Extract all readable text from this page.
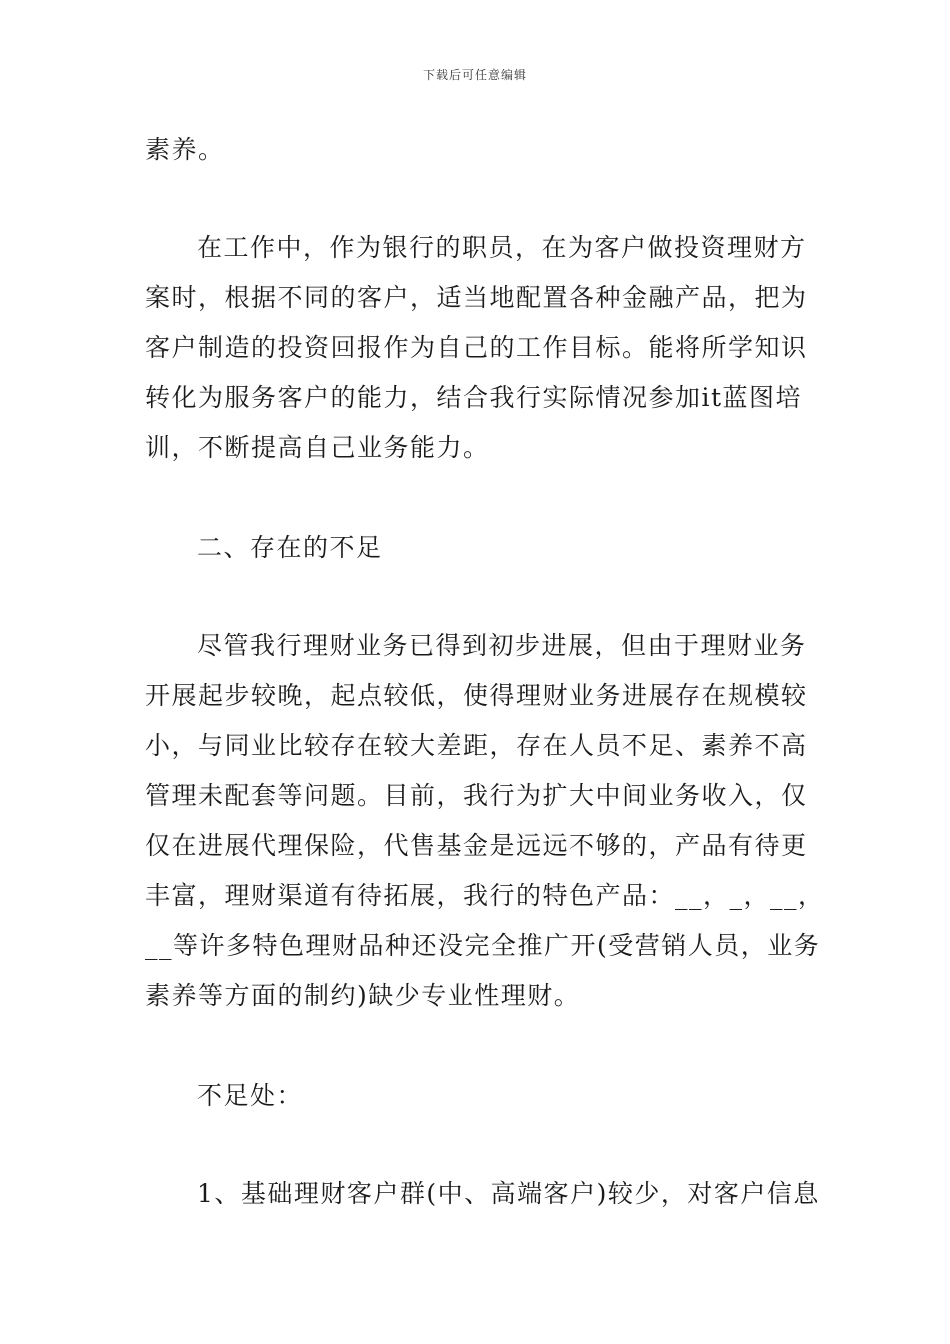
下载后可任意编辑
素养。
在工作中，作为银行的职员，在为客户做投资理财方
案时，根据不同的客户，适当地配置各种金融产品，把为
客户制造的投资回报作为自己的工作目标。能将所学知识
转化为服务客户的能力，结合我行实际情况参加it蓝图培
训，不断提高自己业务能力。
二、存在的不足
尽管我行理财业务已得到初步进展，但由于理财业务
开展起步较晚，起点较低，使得理财业务进展存在规模较
小，与同业比较存在较大差距，存在人员不足、素养不高
管理未配套等问题。目前，我行为扩大中间业务收入，仅
仅在进展代理保险，代售基金是远远不够的，产品有待更
丰富，理财渠道有待拓展，我行的特色产品：__，_，__，
__等许多特色理财品种还没完全推广开(受营销人员，业务
素养等方面的制约)缺少专业性理财。
不足处：
1、基础理财客户群(中、高端客户)较少，对客户信息
